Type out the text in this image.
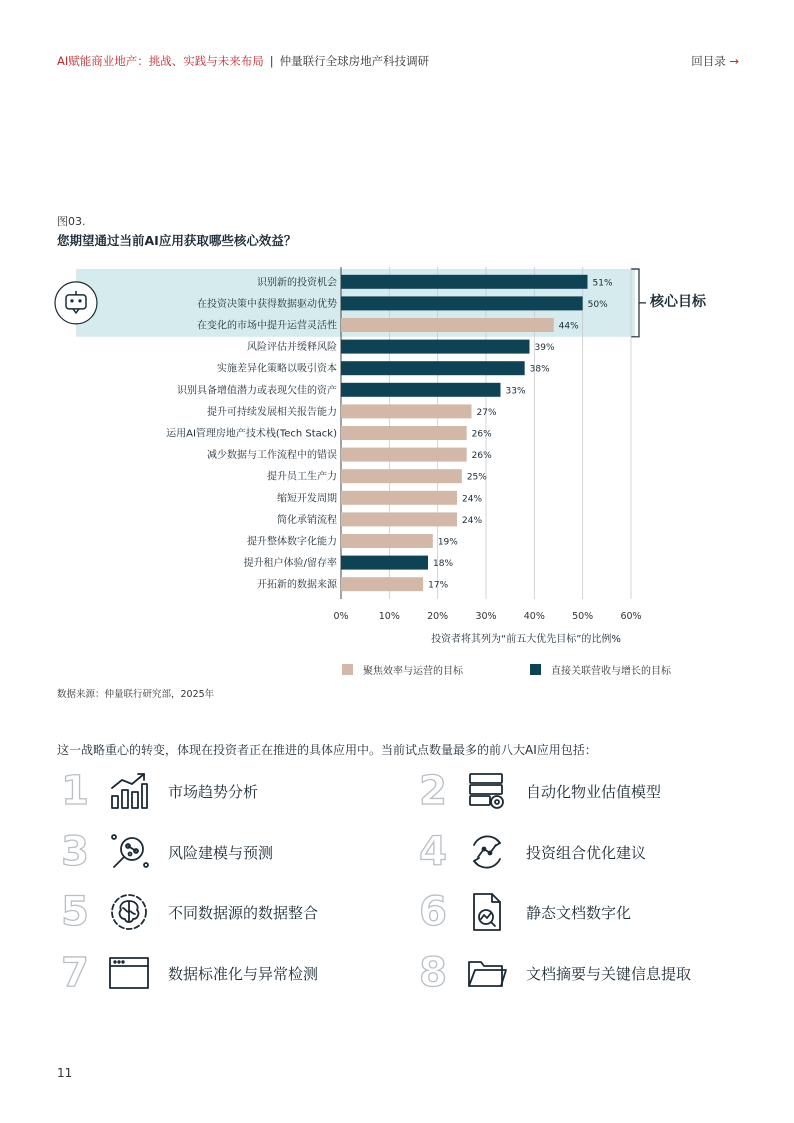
AI赋能商业地产：挑战、实践与未来布局 | 仲量联行全球房地产科技调研	回目录 →
图03.
您期望通过当前AI应用获取哪些核心效益？
0%	10%	20%	30%	40%	50%	60%
投资者将其列为“前五大优先目标”的比例%
识别新的投资机会	51%
在投资决策中获得数据驱动优势	50%
在变化的市场中提升运营灵活性	44%
风险评估并缓释风险	39%
实施差异化策略以吸引资本	38%
识别具备增值潜力或表现欠佳的资产	33%
提升可持续发展相关报告能力	27%
运用AI管理房地产技术栈(Tech Stack)	26%
减少数据与工作流程中的错误	26%
提升员工生产力	25%
缩短开发周期	24%
简化承销流程	24%
提升整体数字化能力	19%
提升租户体验/留存率	18%
开拓新的数据来源	17%
核心目标
聚焦效率与运营的目标	直接关联营收与增长的目标
数据来源：仲量联行研究部，2025年
这一战略重心的转变，体现在投资者正在推进的具体应用中。当前试点数量最多的前八大AI应用包括：
1	市场趋势分析	2	自动化物业估值模型
3	风险建模与预测	4	投资组合优化建议
5	不同数据源的数据整合	6	静态文档数字化
7	数据标准化与异常检测	8	文档摘要与关键信息提取
11
